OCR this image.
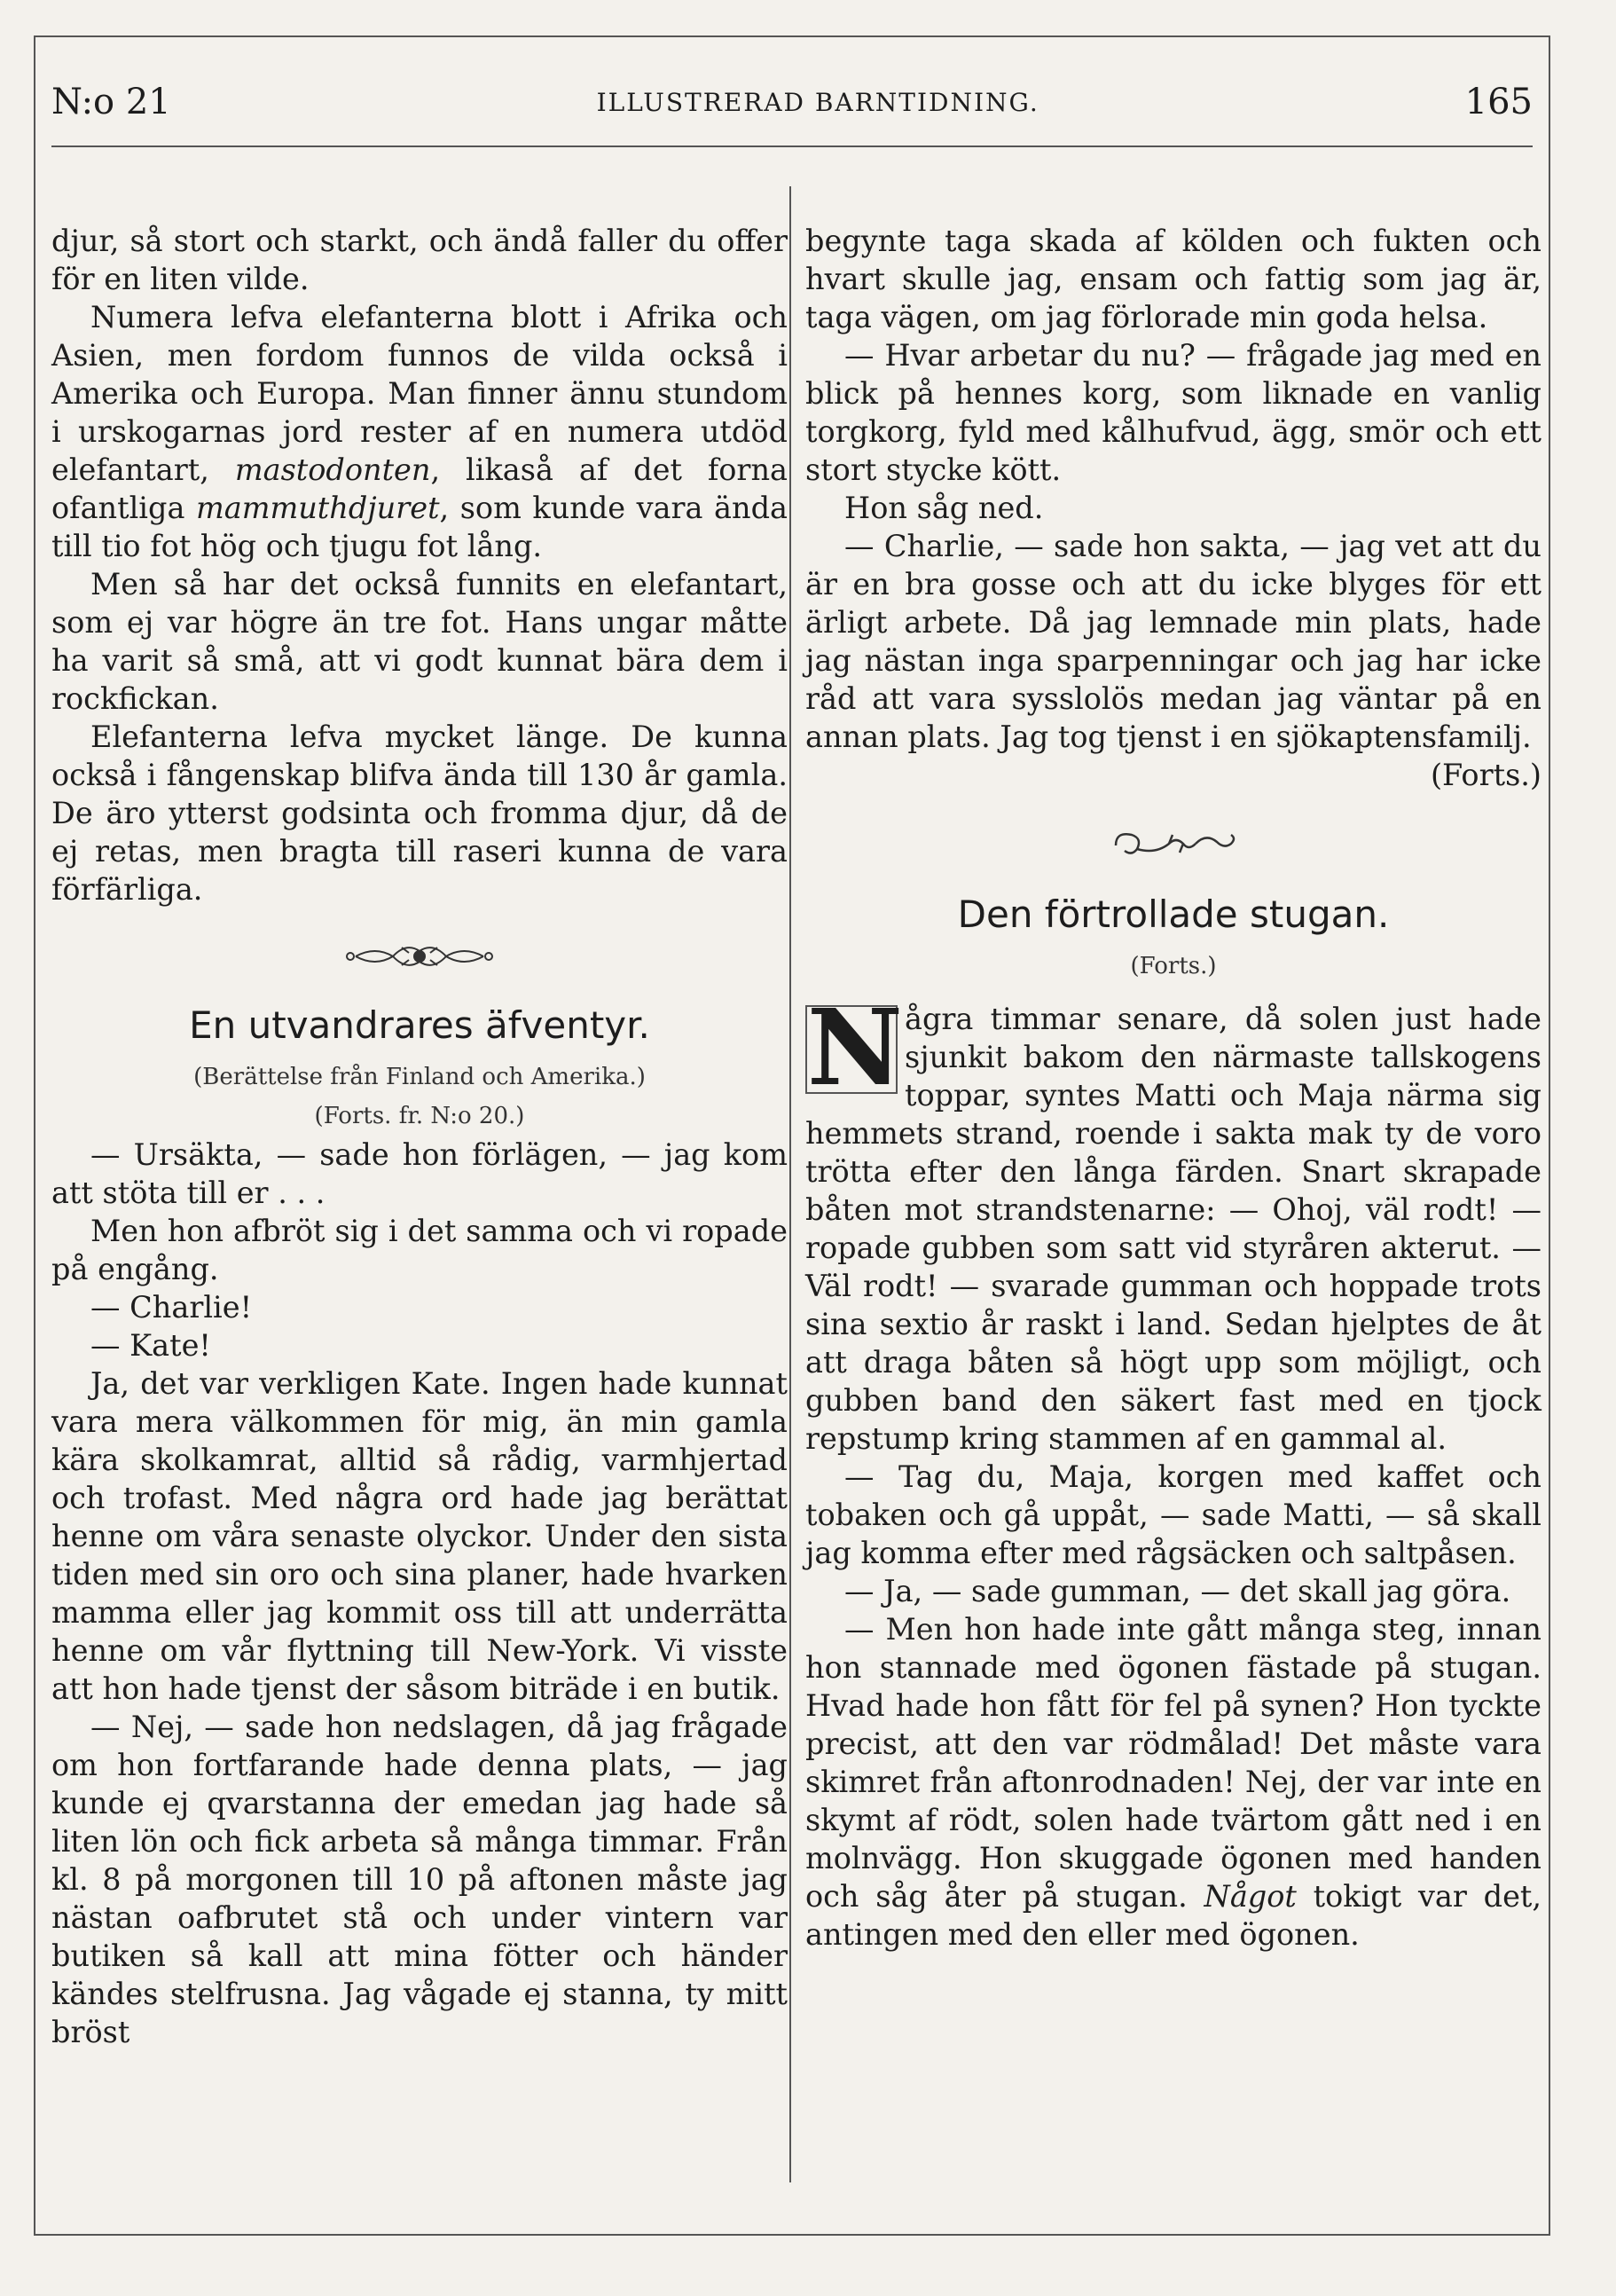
N:o 21	ILLUSTRERAD BARNTIDNING.	165

djur, så stort och starkt, och ändå faller du offer för en liten vilde.

Numera lefva elefanterna blott i Afrika och Asien, men fordom funnos de vilda också i Amerika och Europa. Man finner ännu stundom i urskogarnas jord rester af en numera utdöd elefantart, mastodonten, likaså af det forna ofantliga mammuthdjuret, som kunde vara ända till tio fot hög och tjugu fot lång.

Men så har det också funnits en elefantart, som ej var högre än tre fot. Hans ungar måtte ha varit så små, att vi godt kunnat bära dem i rockfickan.

Elefanterna lefva mycket länge. De kunna också i fångenskap blifva ända till 130 år gamla. De äro ytterst godsinta och fromma djur, då de ej retas, men bragta till raseri kunna de vara förfärliga.

En utvandrares äfventyr.
(Berättelse från Finland och Amerika.)
(Forts. fr. N:o 20.)

— Ursäkta, — sade hon förlägen, — jag kom att stöta till er . . .

Men hon afbröt sig i det samma och vi ropade på engång.

— Charlie!

— Kate!

Ja, det var verkligen Kate. Ingen hade kunnat vara mera välkommen för mig, än min gamla kära skolkamrat, alltid så rådig, varmhjertad och trofast. Med några ord hade jag berättat henne om våra senaste olyckor. Under den sista tiden med sin oro och sina planer, hade hvarken mamma eller jag kommit oss till att underrätta henne om vår flyttning till New-York. Vi visste att hon hade tjenst der såsom biträde i en butik.

— Nej, — sade hon nedslagen, då jag frågade om hon fortfarande hade denna plats, — jag kunde ej qvarstanna der emedan jag hade så liten lön och fick arbeta så många timmar. Från kl. 8 på morgonen till 10 på aftonen måste jag nästan oafbrutet stå och under vintern var butiken så kall att mina fötter och händer kändes stelfrusna. Jag vågade ej stanna, ty mitt bröst

begynte taga skada af kölden och fukten och hvart skulle jag, ensam och fattig som jag är, taga vägen, om jag förlorade min goda helsa.

— Hvar arbetar du nu? — frågade jag med en blick på hennes korg, som liknade en vanlig torgkorg, fyld med kålhufvud, ägg, smör och ett stort stycke kött.

Hon såg ned.

— Charlie, — sade hon sakta, — jag vet att du är en bra gosse och att du icke blyges för ett ärligt arbete. Då jag lemnade min plats, hade jag nästan inga sparpenningar och jag har icke råd att vara sysslolös medan jag väntar på en annan plats. Jag tog tjenst i en sjökaptensfamilj.

(Forts.)

Den förtrollade stugan.
(Forts.)
N ågra timmar senare, då solen just hade sjunkit bakom den närmaste tallskogens toppar, syntes Matti och Maja närma sig hemmets strand, roende i sakta mak ty de voro trötta efter den långa färden. Snart skrapade båten mot strandstenarne: — Ohoj, väl rodt! — ropade gubben som satt vid styråren akterut. — Väl rodt! — svarade gumman och hoppade trots sina sextio år raskt i land. Sedan hjelptes de åt att draga båten så högt upp som möjligt, och gubben band den säkert fast med en tjock repstump kring stammen af en gammal al.

— Tag du, Maja, korgen med kaffet och tobaken och gå uppåt, — sade Matti, — så skall jag komma efter med rågsäcken och saltpåsen.

— Ja, — sade gumman, — det skall jag göra.

— Men hon hade inte gått många steg, innan hon stannade med ögonen fästade på stugan. Hvad hade hon fått för fel på synen? Hon tyckte precist, att den var rödmålad! Det måste vara skimret från aftonrodnaden! Nej, der var inte en skymt af rödt, solen hade tvärtom gått ned i en molnvägg. Hon skuggade ögonen med handen och såg åter på stugan. Något tokigt var det, antingen med den eller med ögonen.
